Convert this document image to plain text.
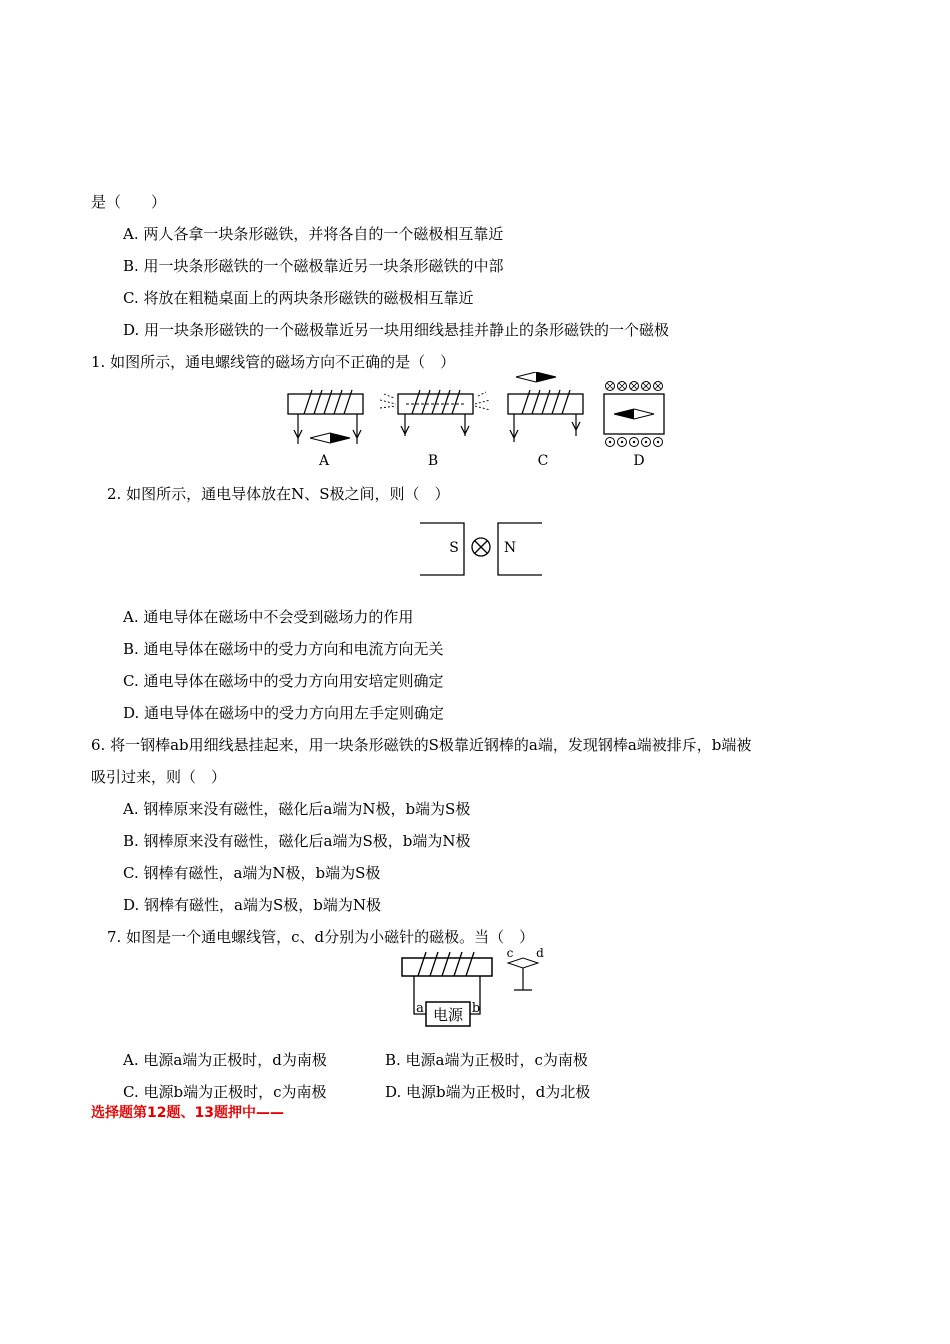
是（　　）
A. 两人各拿一块条形磁铁，并将各自的一个磁极相互靠近
B. 用一块条形磁铁的一个磁极靠近另一块条形磁铁的中部
C. 将放在粗糙桌面上的两块条形磁铁的磁极相互靠近
D. 用一块条形磁铁的一个磁极靠近另一块用细线悬挂并静止的条形磁铁的一个磁极
1. 如图所示，通电螺线管的磁场方向不正确的是（　）
A	B	C	D
2. 如图所示，通电导体放在N、S极之间，则（　）
S	N
A. 通电导体在磁场中不会受到磁场力的作用
B. 通电导体在磁场中的受力方向和电流方向无关
C. 通电导体在磁场中的受力方向用安培定则确定
D. 通电导体在磁场中的受力方向用左手定则确定
6. 将一钢棒ab用细线悬挂起来，用一块条形磁铁的S极靠近钢棒的a端，发现钢棒a端被排斥，b端被
吸引过来，则（　）
A. 钢棒原来没有磁性，磁化后a端为N极，b端为S极
B. 钢棒原来没有磁性，磁化后a端为S极，b端为N极
C. 钢棒有磁性，a端为N极，b端为S极
D. 钢棒有磁性，a端为S极，b端为N极
7. 如图是一个通电螺线管，c、d分别为小磁针的磁极。当（　）
电源
a	b
c d
A. 电源a端为正极时，d为南极	B. 电源a端为正极时，c为南极
C. 电源b端为正极时，c为南极	D. 电源b端为正极时，d为北极
选择题第12题、13题押中——
